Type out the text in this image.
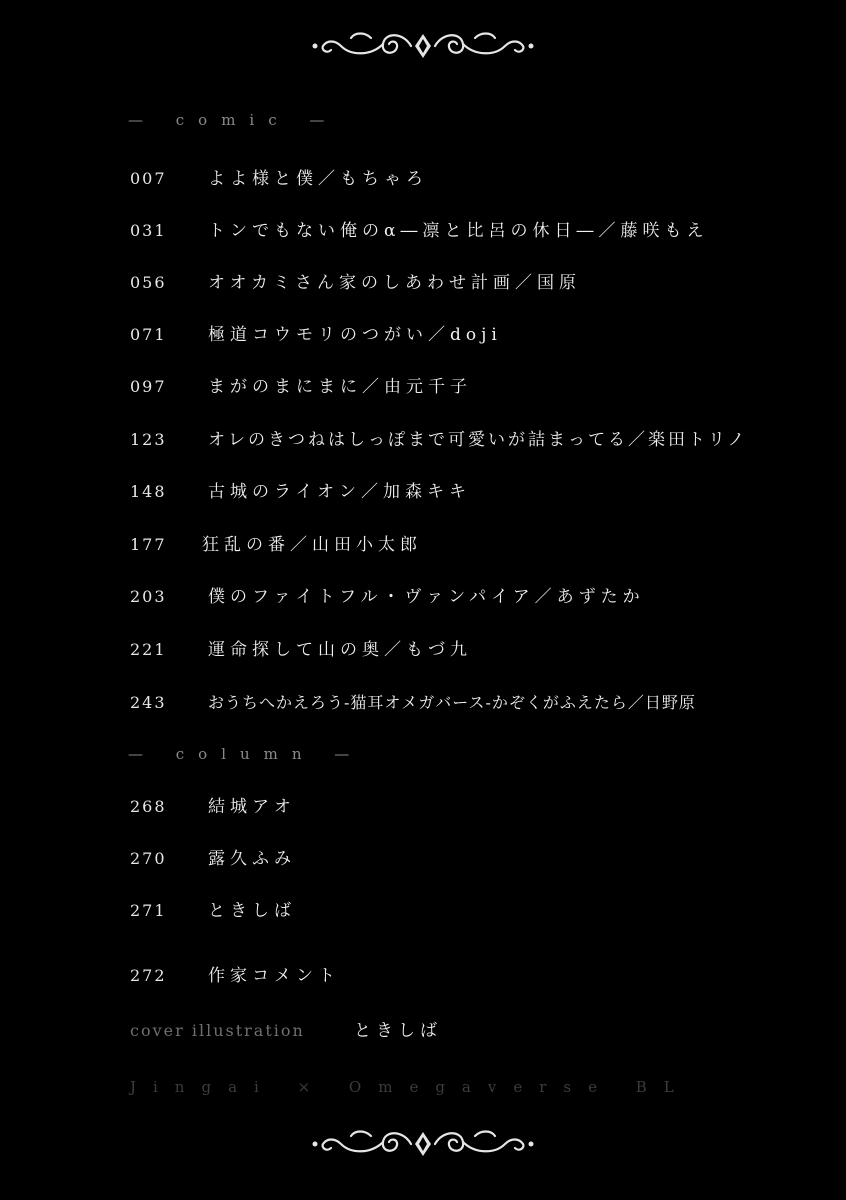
— comic —
007 よよ様と僕／もちゃろ
031 トンでもない俺のα―凛と比呂の休日―／藤咲もえ
056 オオカミさん家のしあわせ計画／国原
071 極道コウモリのつがい／doji
097 まがのまにまに／由元千子
123 オレのきつねはしっぽまで可愛いが詰まってる／楽田トリノ
148 古城のライオン／加森キキ
177 狂乱の番／山田小太郎
203 僕のファイトフル・ヴァンパイア／あずたか
221 運命探して山の奥／もづ九
243	おうちへかえろう‐猫耳オメガバース‐かぞくがふえたら／日野原
— column —
268 結城アオ
270 露久ふみ
271 ときしば
272 作家コメント
cover illustration	ときしば
Jingai × Omegaverse BL
